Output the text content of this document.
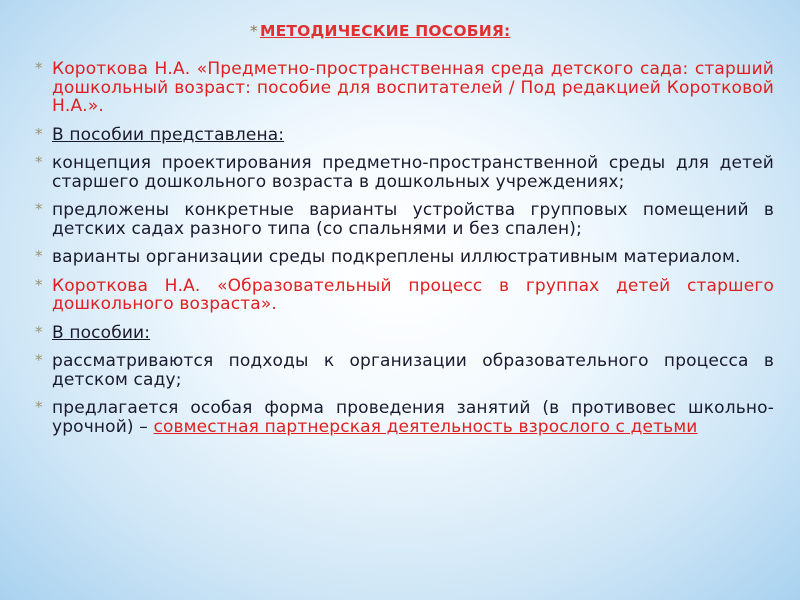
* МЕТОДИЧЕСКИЕ ПОСОБИЯ:
* Короткова Н.А. «Предметно-пространственная среда детского сада: старший дошкольный возраст: пособие для воспитателей / Под редакцией Коротковой Н.А.».
* В пособии представлена:
* концепция проектирования предметно-пространственной среды для детей старшего дошкольного возраста в дошкольных учреждениях;
* предложены конкретные варианты устройства групповых помещений в детских садах разного типа (со спальнями и без спален);
* варианты организации среды подкреплены иллюстративным материалом.
* Короткова Н.А. «Образовательный процесс в группах детей старшего дошкольного возраста».
* В пособии:
* рассматриваются подходы к организации образовательного процесса в детском саду;
* предлагается особая форма проведения занятий (в противовес школьно-урочной) – совместная партнерская деятельность взрослого с детьми
